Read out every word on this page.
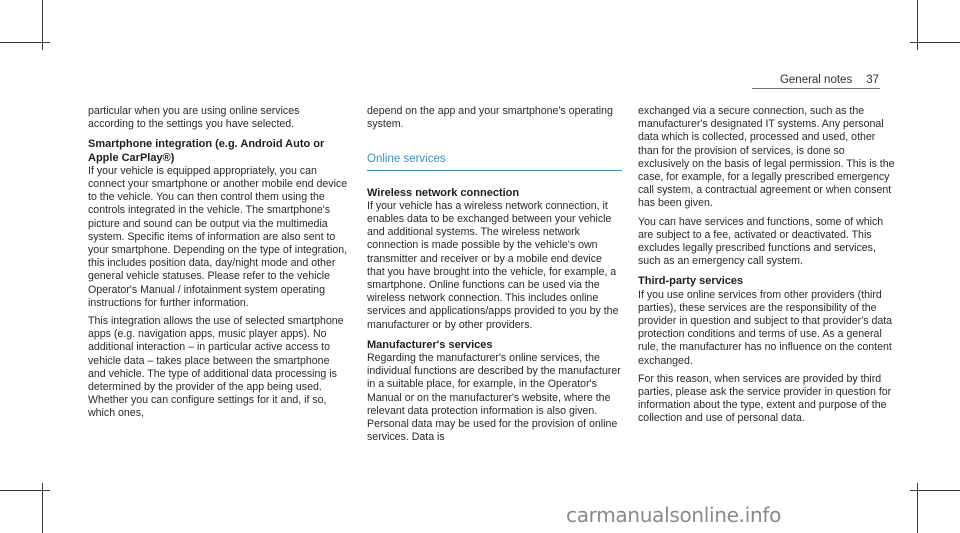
General notes 37

particular when you are using online services according to the settings you have selected.

Smartphone integration (e.g. Android Auto or Apple CarPlay®)

If your vehicle is equipped appropriately, you can connect your smartphone or another mobile end device to the vehicle. You can then control them using the controls integrated in the vehicle. The smartphone's picture and sound can be output via the multimedia system. Specific items of information are also sent to your smartphone. Depending on the type of integration, this includes position data, day/night mode and other general vehicle statuses. Please refer to the vehicle Operator's Manual / infotainment system operating instructions for further information.

This integration allows the use of selected smartphone apps (e.g. navigation apps, music player apps). No additional interaction – in particular active access to vehicle data – takes place between the smartphone and vehicle. The type of additional data processing is determined by the provider of the app being used. Whether you can configure settings for it and, if so, which ones,

depend on the app and your smartphone's operating system.

Online services
Wireless network connection

If your vehicle has a wireless network connection, it enables data to be exchanged between your vehicle and additional systems. The wireless network connection is made possible by the vehicle's own transmitter and receiver or by a mobile end device that you have brought into the vehicle, for example, a smartphone. Online functions can be used via the wireless network connection. This includes online services and applications/apps provided to you by the manufacturer or by other providers.

Manufacturer's services

Regarding the manufacturer's online services, the individual functions are described by the manufacturer in a suitable place, for example, in the Operator's Manual or on the manufacturer's website, where the relevant data protection information is also given. Personal data may be used for the provision of online services. Data is

exchanged via a secure connection, such as the manufacturer's designated IT systems. Any personal data which is collected, processed and used, other than for the provision of services, is done so exclusively on the basis of legal permission. This is the case, for example, for a legally prescribed emergency call system, a contractual agreement or when consent has been given.

You can have services and functions, some of which are subject to a fee, activated or deactivated. This excludes legally prescribed functions and services, such as an emergency call system.

Third-party services

If you use online services from other providers (third parties), these services are the responsibility of the provider in question and subject to that provider's data protection conditions and terms of use. As a general rule, the manufacturer has no influence on the content exchanged.

For this reason, when services are provided by third parties, please ask the service provider in question for information about the type, extent and purpose of the collection and use of personal data.

carmanualsonline.info
